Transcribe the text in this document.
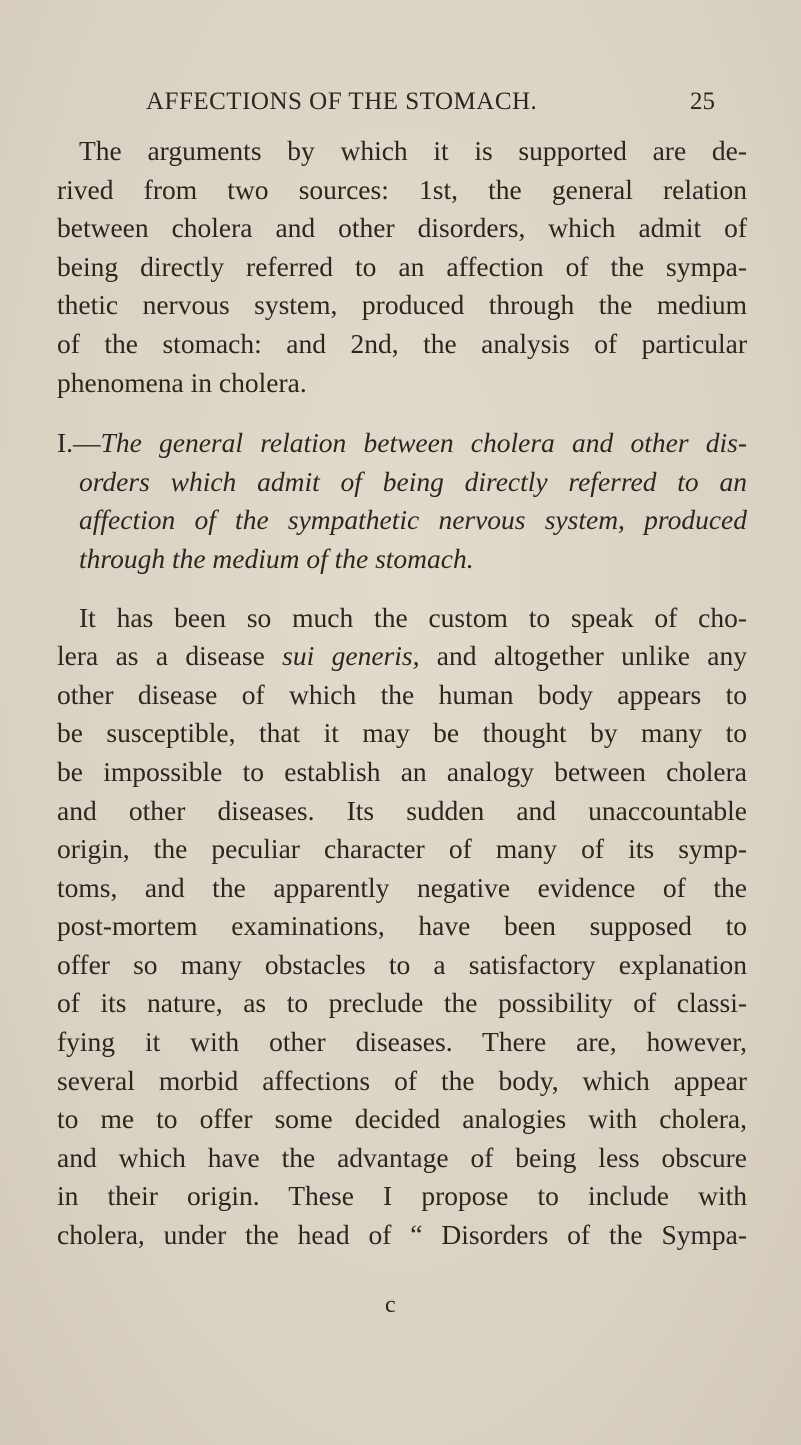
AFFECTIONS OF THE STOMACH.	25
The arguments by which it is supported are de-
rived from two sources: 1st, the general relation
between cholera and other disorders, which admit of
being directly referred to an affection of the sympa-
thetic nervous system, produced through the medium
of the stomach: and 2nd, the analysis of particular
phenomena in cholera.
I.—The general relation between cholera and other dis-
orders which admit of being directly referred to an
affection of the sympathetic nervous system, produced
through the medium of the stomach.
It has been so much the custom to speak of cho-
lera as a disease sui generis, and altogether unlike any
other disease of which the human body appears to
be susceptible, that it may be thought by many to
be impossible to establish an analogy between cholera
and other diseases. Its sudden and unaccountable
origin, the peculiar character of many of its symp-
toms, and the apparently negative evidence of the
post-mortem examinations, have been supposed to
offer so many obstacles to a satisfactory explanation
of its nature, as to preclude the possibility of classi-
fying it with other diseases. There are, however,
several morbid affections of the body, which appear
to me to offer some decided analogies with cholera,
and which have the advantage of being less obscure
in their origin. These I propose to include with
cholera, under the head of “ Disorders of the Sympa-
c
